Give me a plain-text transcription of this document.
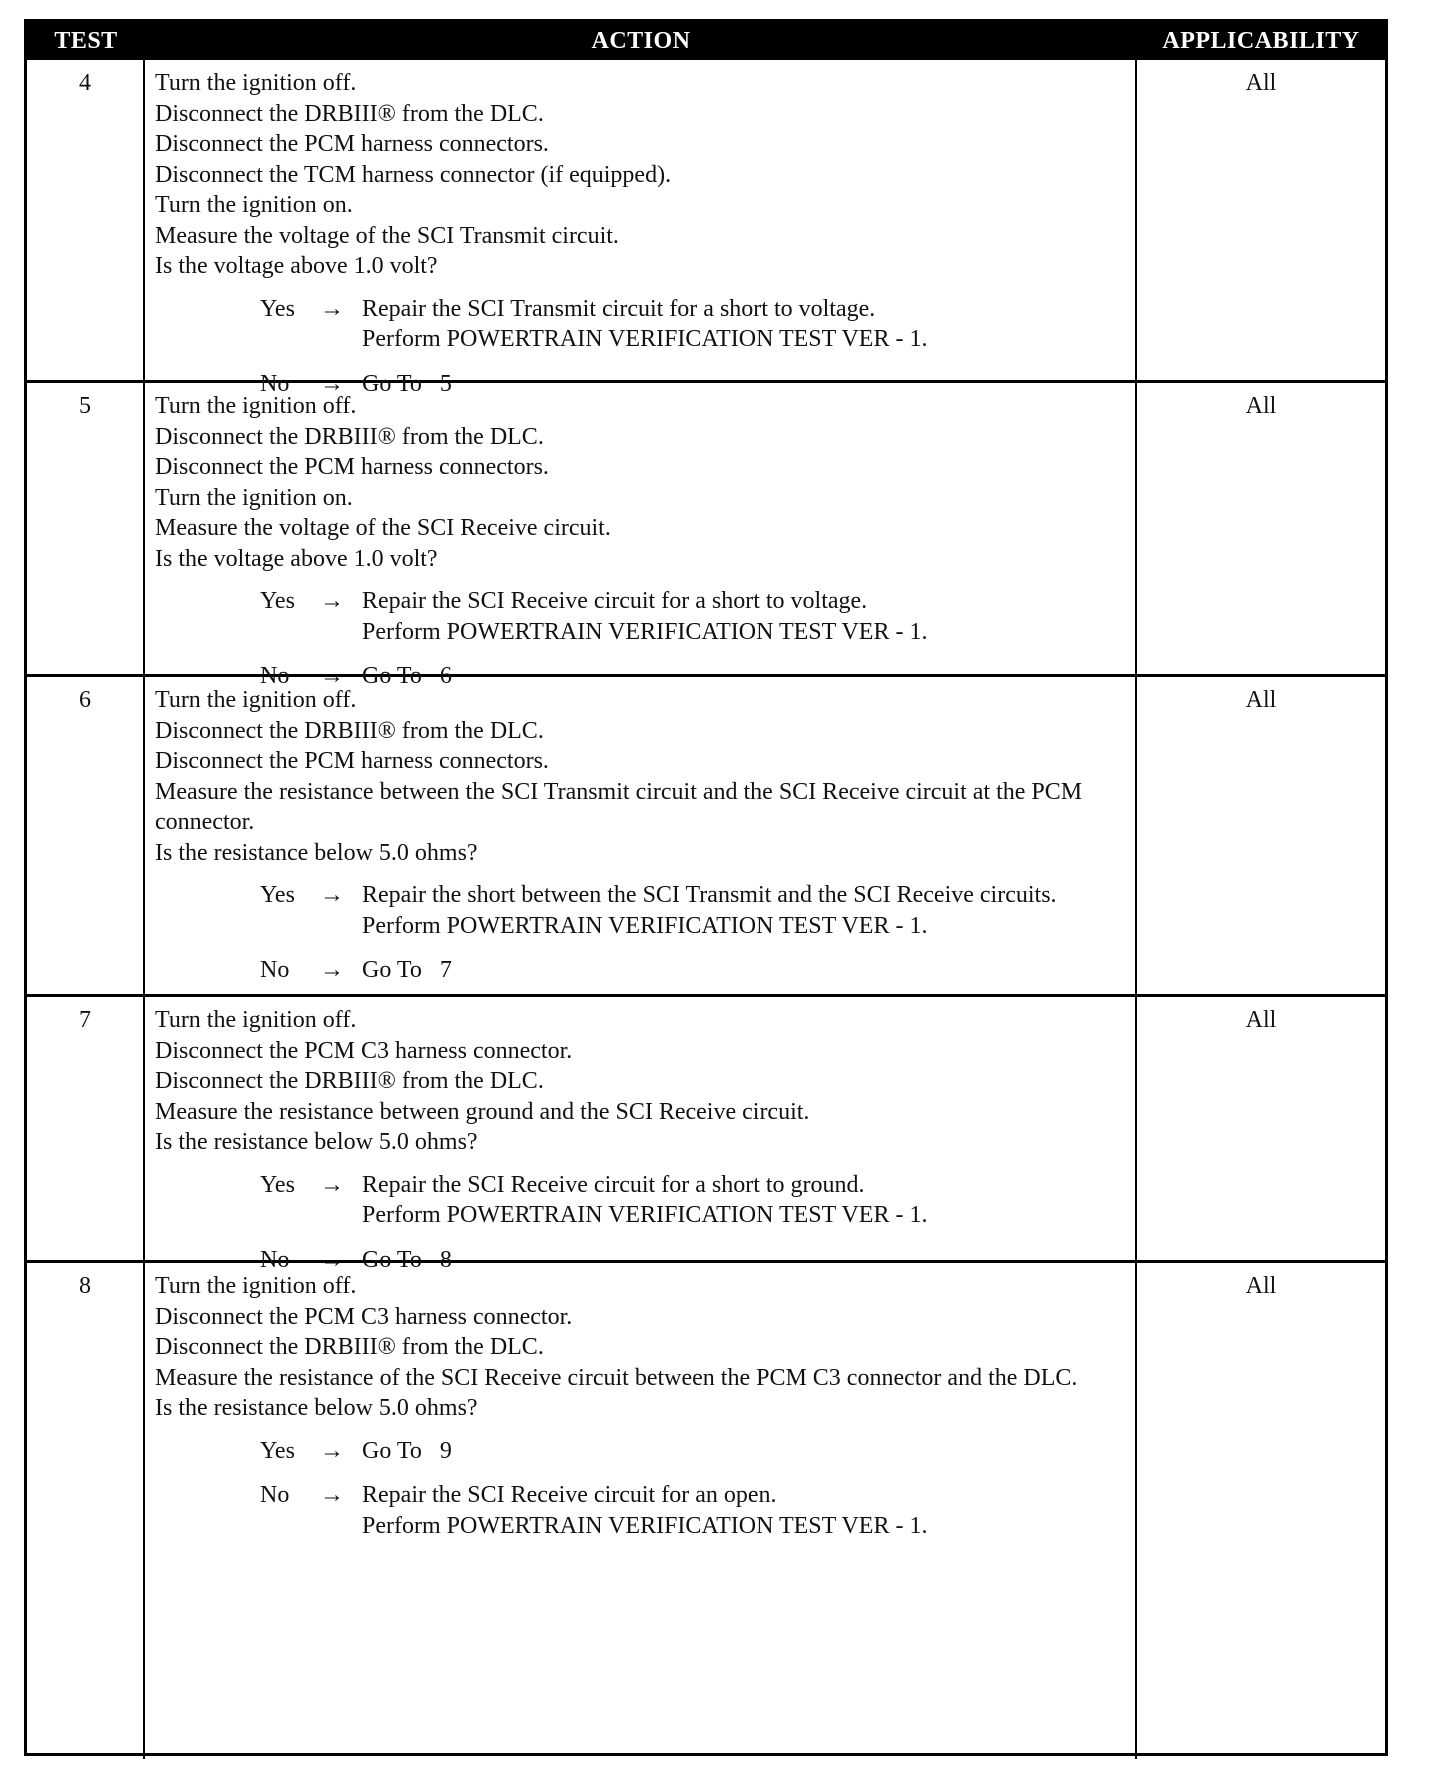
TEST	ACTION	APPLICABILITY
4	Turn the ignition off.
Disconnect the DRBIII® from the DLC.
Disconnect the PCM harness connectors.
Disconnect the TCM harness connector (if equipped).
Turn the ignition on.
Measure the voltage of the SCI Transmit circuit.
Is the voltage above 1.0 volt?
Yes	→ Repair the SCI Transmit circuit for a short to voltage.
Perform POWERTRAIN VERIFICATION TEST VER - 1.
No	→ Go To   5
All
5	Turn the ignition off.
Disconnect the DRBIII® from the DLC.
Disconnect the PCM harness connectors.
Turn the ignition on.
Measure the voltage of the SCI Receive circuit.
Is the voltage above 1.0 volt?
Yes	→ Repair the SCI Receive circuit for a short to voltage.
Perform POWERTRAIN VERIFICATION TEST VER - 1.
No	→ Go To   6
All
6	Turn the ignition off.
Disconnect the DRBIII® from the DLC.
Disconnect the PCM harness connectors.
Measure the resistance between the SCI Transmit circuit and the SCI Receive circuit at the PCM connector.
Is the resistance below 5.0 ohms?
Yes	→ Repair the short between the SCI Transmit and the SCI Receive circuits.
Perform POWERTRAIN VERIFICATION TEST VER - 1.
No	→ Go To   7
All
7	Turn the ignition off.
Disconnect the PCM C3 harness connector.
Disconnect the DRBIII® from the DLC.
Measure the resistance between ground and the SCI Receive circuit.
Is the resistance below 5.0 ohms?
Yes	→ Repair the SCI Receive circuit for a short to ground.
Perform POWERTRAIN VERIFICATION TEST VER - 1.
No	→ Go To   8
All
8	Turn the ignition off.
Disconnect the PCM C3 harness connector.
Disconnect the DRBIII® from the DLC.
Measure the resistance of the SCI Receive circuit between the PCM C3 connector and the DLC.
Is the resistance below 5.0 ohms?
Yes	→ Go To   9
No	→ Repair the SCI Receive circuit for an open.
Perform POWERTRAIN VERIFICATION TEST VER - 1.
All
